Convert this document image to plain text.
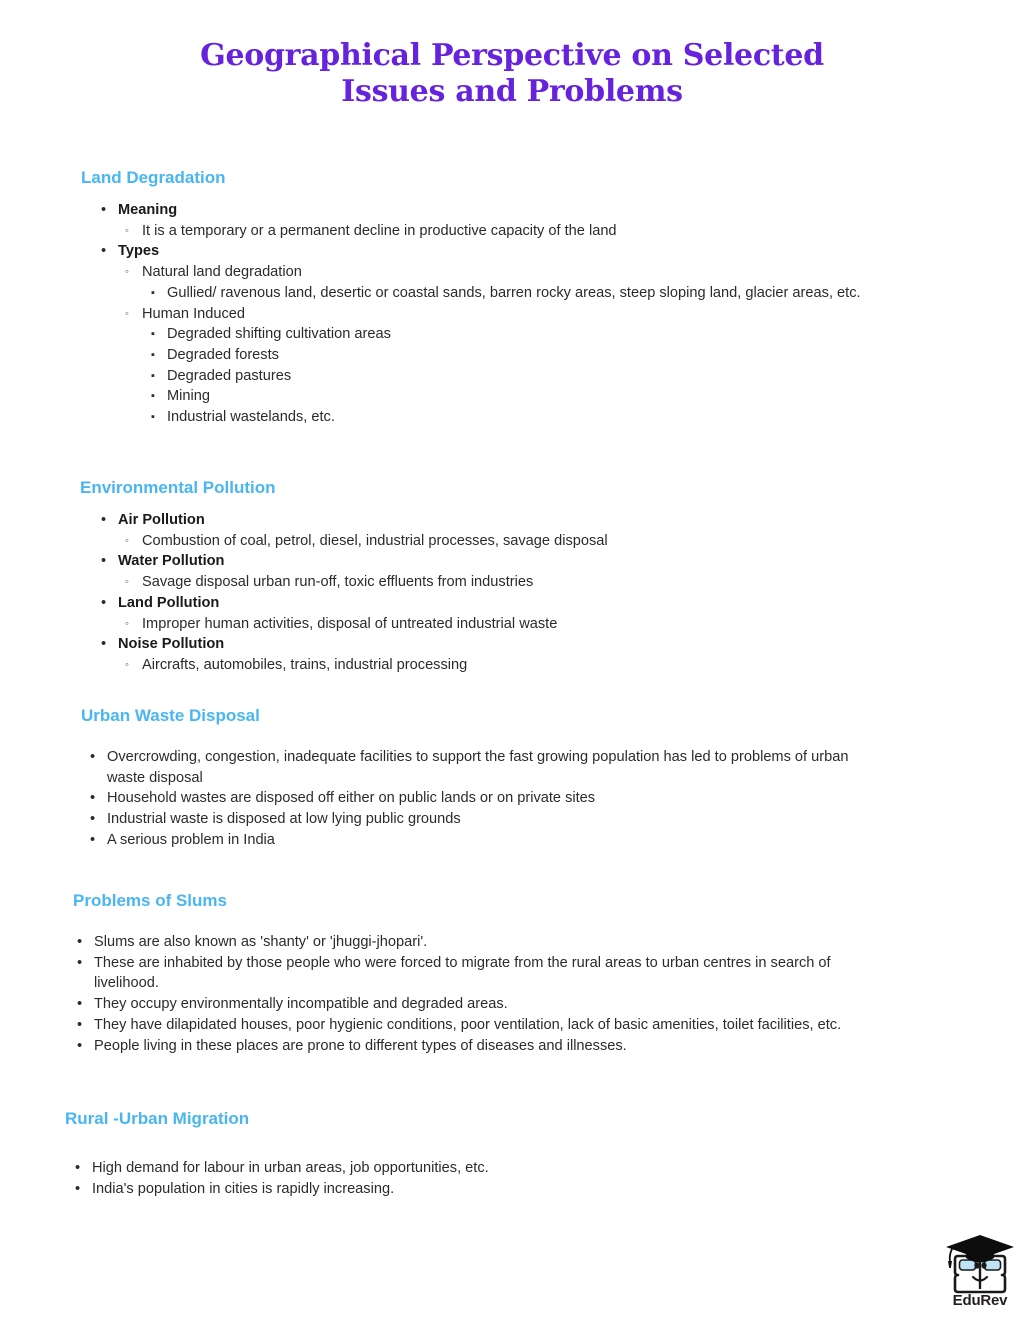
Geographical Perspective on Selected
Issues and Problems
Land Degradation
• Meaning
◦ It is a temporary or a permanent decline in productive capacity of the land
• Types
◦ Natural land degradation
▪ Gullied/ ravenous land, desertic or coastal sands, barren rocky areas, steep sloping land, glacier areas, etc.
◦ Human Induced
▪ Degraded shifting cultivation areas
▪ Degraded forests
▪ Degraded pastures
▪ Mining
▪ Industrial wastelands, etc.
Environmental Pollution
• Air Pollution
◦ Combustion of coal, petrol, diesel, industrial processes, savage disposal
• Water Pollution
◦ Savage disposal urban run-off, toxic effluents from industries
• Land Pollution
◦ Improper human activities, disposal of untreated industrial waste
• Noise Pollution
◦ Aircrafts, automobiles, trains, industrial processing
Urban Waste Disposal
• Overcrowding, congestion, inadequate facilities to support the fast growing population has led to problems of urban waste disposal
• Household wastes are disposed off either on public lands or on private sites
• Industrial waste is disposed at low lying public grounds
• A serious problem in India
Problems of Slums
• Slums are also known as 'shanty' or 'jhuggi-jhopari'.
• These are inhabited by those people who were forced to migrate from the rural areas to urban centres in search of livelihood.
• They occupy environmentally incompatible and degraded areas.
• They have dilapidated houses, poor hygienic conditions, poor ventilation, lack of basic amenities, toilet facilities, etc.
• People living in these places are prone to different types of diseases and illnesses.
Rural -Urban Migration
• High demand for labour in urban areas, job opportunities, etc.
• India's population in cities is rapidly increasing.
EduRev
